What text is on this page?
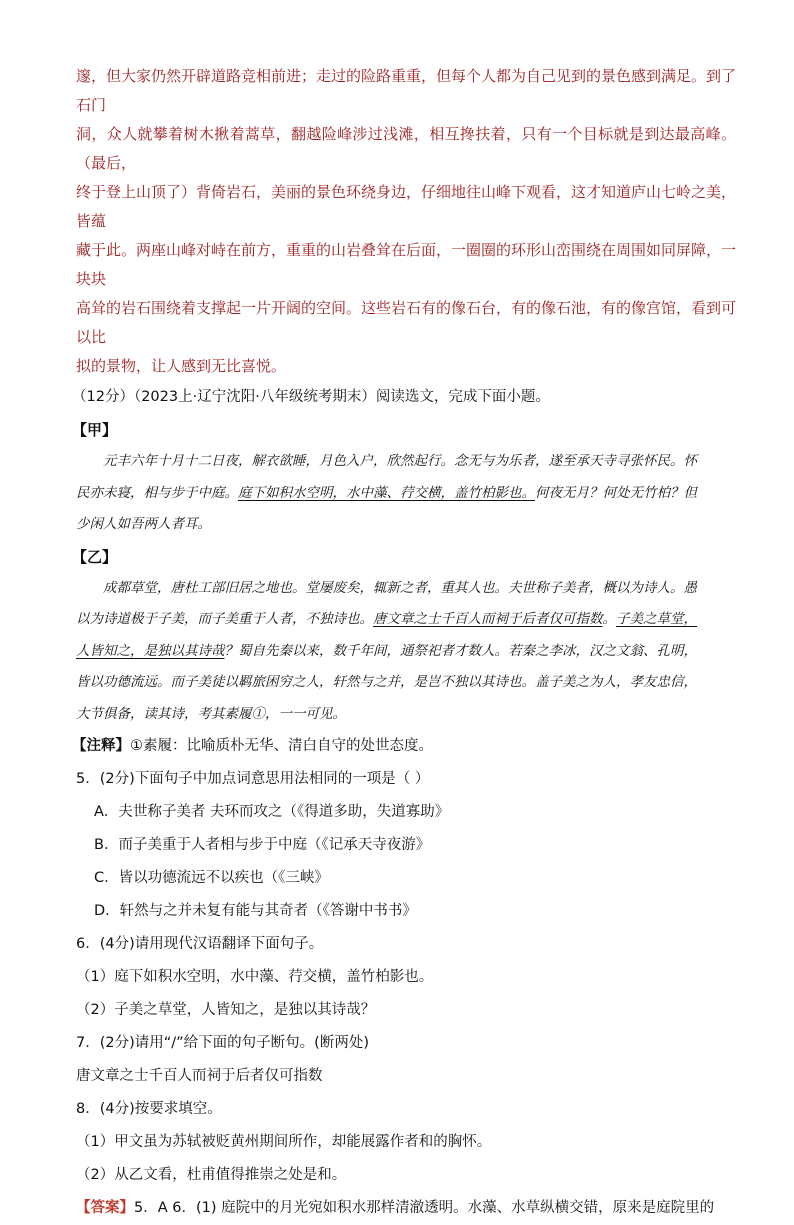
邃，但大家仍然开辟道路竞相前进；走过的险路重重，但每个人都为自己见到的景色感到满足。到了石门

洞，众人就攀着树木揪着蒿草，翻越险峰涉过浅滩，相互搀扶着，只有一个目标就是到达最高峰。（最后，

终于登上山顶了）背倚岩石，美丽的景色环绕身边，仔细地往山峰下观看，这才知道庐山七岭之美，皆蕴

藏于此。两座山峰对峙在前方，重重的山岩叠耸在后面，一圈圈的环形山峦围绕在周围如同屏障，一块块

高耸的岩石围绕着支撑起一片开阔的空间。这些岩石有的像石台，有的像石池，有的像宫馆，看到可以比

拟的景物，让人感到无比喜悦。

（12分）（2023上·辽宁沈阳·八年级统考期末）阅读选文，完成下面小题。

【甲】

元丰六年十月十二日夜，解衣欲睡，月色入户，欣然起行。念无与为乐者，遂至承天寺寻张怀民。怀

民亦未寝，相与步于中庭。庭下如积水空明，水中藻、荇交横，盖竹柏影也。何夜无月？何处无竹柏？但

少闲人如吾两人者耳。

【乙】

成都草堂，唐杜工部旧居之地也。堂屡废矣，辄新之者，重其人也。夫世称子美者，概以为诗人。愚

以为诗道极于子美，而子美重于人者，不独诗也。唐文章之士千百人而祠于后者仅可指数。子美之草堂，

人皆知之，是独以其诗哉？蜀自先秦以来，数千年间，通祭祀者才数人。若秦之李冰，汉之文翁、孔明，

皆以功德流远。而子美徒以羁旅困穷之人，轩然与之并，是岂不独以其诗也。盖子美之为人，孝友忠信，

大节俱备，读其诗，考其素履①，一一可见。

【注释】①素履：比喻质朴无华、清白自守的处世态度。

5．(2分)下面句子中加点词意思用法相同的一项是（ ）

A．夫世称子美者 夫环而攻之（《得道多助，失道寡助》

B．而子美重于人者相与步于中庭（《记承天寺夜游》

C．皆以功德流远不以疾也（《三峡》

D．轩然与之并未复有能与其奇者（《答谢中书书》

6．(4分)请用现代汉语翻译下面句子。

（1）庭下如积水空明，水中藻、荇交横，盖竹柏影也。

（2）子美之草堂，人皆知之，是独以其诗哉？

7．(2分)请用“/”给下面的句子断句。(断两处)

唐文章之士千百人而祠于后者仅可指数

8．(4分)按要求填空。

（1）甲文虽为苏轼被贬黄州期间所作，却能展露作者和的胸怀。

（2）从乙文看，杜甫值得推崇之处是和。

【答案】5．A 6．(1) 庭院中的月光宛如积水那样清澈透明。水藻、水草纵横交错，原来是庭院里的
